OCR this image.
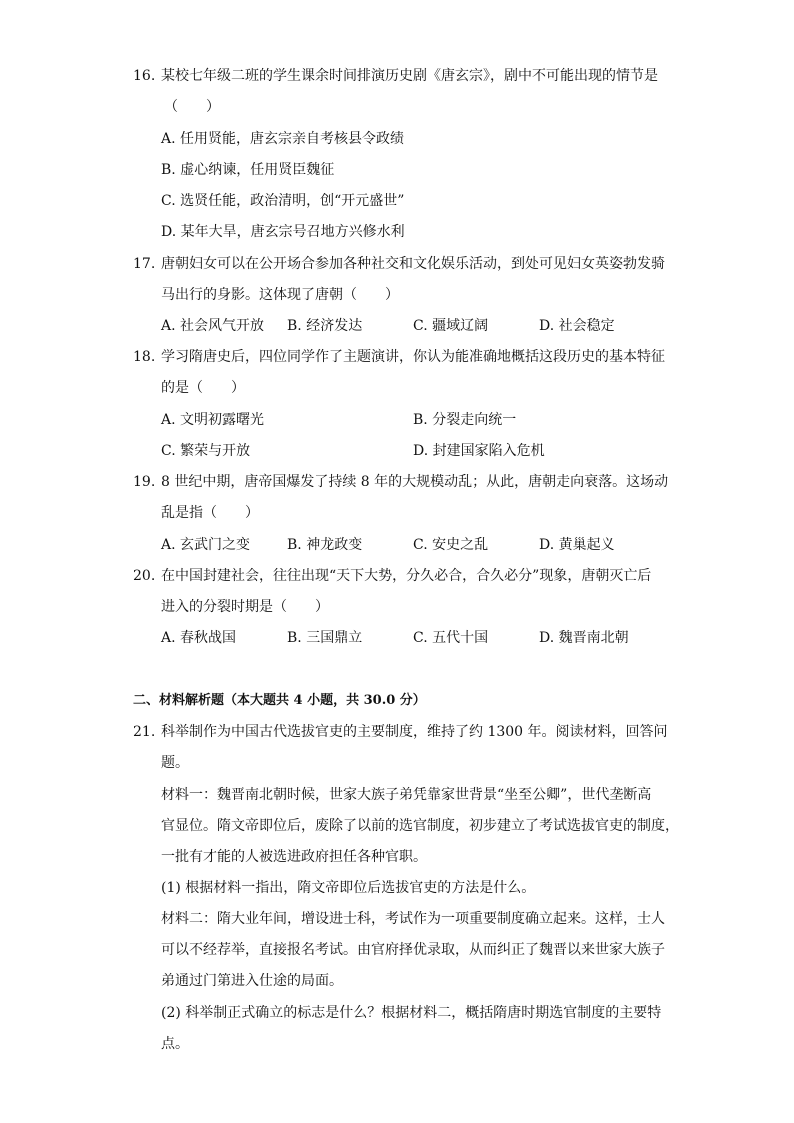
16. 某校七年级二班的学生课余时间排演历史剧《唐玄宗》，剧中不可能出现的情节是
（　　）
A. 任用贤能，唐玄宗亲自考核县令政绩
B. 虚心纳谏，任用贤臣魏征
C. 选贤任能，政治清明，创“开元盛世”
D. 某年大旱，唐玄宗号召地方兴修水利
17. 唐朝妇女可以在公开场合参加各种社交和文化娱乐活动，到处可见妇女英姿勃发骑
马出行的身影。这体现了唐朝（　　）
A. 社会风气开放 B. 经济发达	C. 疆域辽阔	D. 社会稳定
18. 学习隋唐史后，四位同学作了主题演讲，你认为能准确地概括这段历史的基本特征
的是（　　）
A. 文明初露曙光	B. 分裂走向统一
C. 繁荣与开放	D. 封建国家陷入危机
19. 8 世纪中期，唐帝国爆发了持续 8 年的大规模动乱；从此，唐朝走向衰落。这场动
乱是指（　　）
A. 玄武门之变	B. 神龙政变	C. 安史之乱	D. 黄巢起义
20. 在中国封建社会，往往出现“天下大势，分久必合，合久必分”现象，唐朝灭亡后
进入的分裂时期是（　　）
A. 春秋战国	B. 三国鼎立	C. 五代十国	D. 魏晋南北朝
二、材料解析题（本大题共 4 小题，共 30.0 分）
21. 科举制作为中国古代选拔官吏的主要制度，维持了约 1300 年。阅读材料，回答问
题。
材料一：魏晋南北朝时候，世家大族子弟凭靠家世背景“坐至公卿”，世代垄断高
官显位。隋文帝即位后，废除了以前的选官制度，初步建立了考试选拔官吏的制度，
一批有才能的人被选进政府担任各种官职。
(1) 根据材料一指出，隋文帝即位后选拔官吏的方法是什么。
材料二：隋大业年间，增设进士科，考试作为一项重要制度确立起来。这样，士人
可以不经荐举，直接报名考试。由官府择优录取，从而纠正了魏晋以来世家大族子
弟通过门第进入仕途的局面。
(2) 科举制正式确立的标志是什么？根据材料二，概括隋唐时期选官制度的主要特
点。
